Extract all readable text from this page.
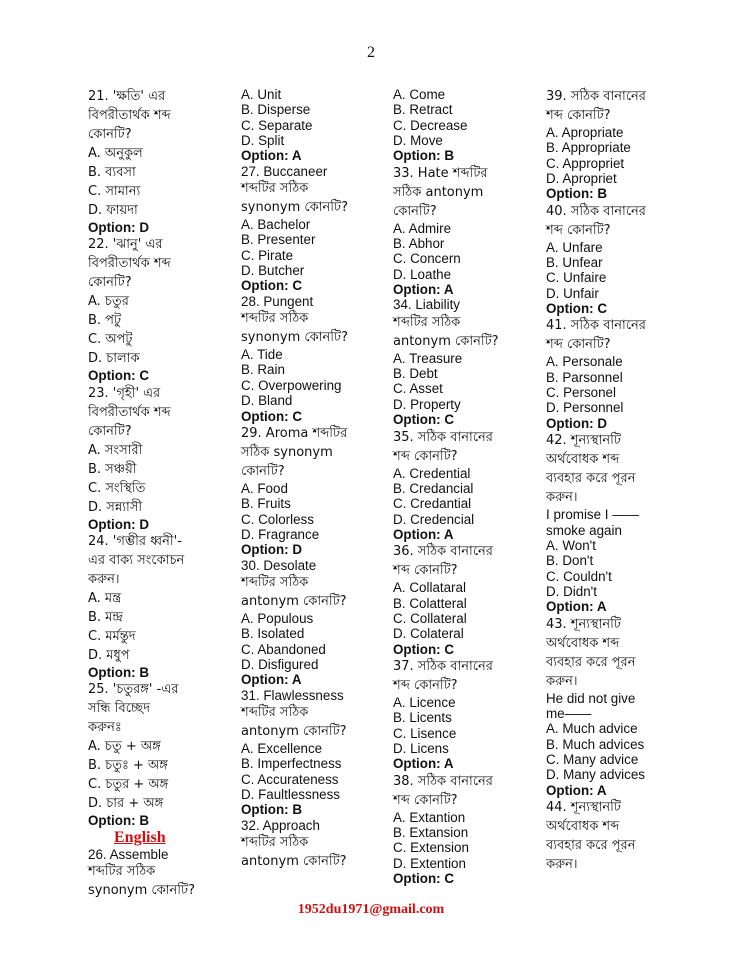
2
21. 'ক্ষতি' এর
বিপরীতার্থক শব্দ
কোনটি?
A. অনুকুল
B. ব্যবসা
C. সামান্য
D. ফায়দা
Option: D
22. 'ঝানু' এর
বিপরীতার্থক শব্দ
কোনটি?
A. চতুর
B. পটু
C. অপটু
D. চালাক
Option: C
23. 'গৃহী' এর
বিপরীতার্থক শব্দ
কোনটি?
A. সংসারী
B. সঞ্চয়ী
C. সংস্থিতি
D. সন্ন্যাসী
Option: D
24. 'গম্ভীর ধ্বনী'-
এর বাক্য সংকোচন
করুন।
A. মন্ত্র
B. মন্দ্র
C. মর্মন্তুদ
D. মধুপ
Option: B
25. 'চতুরঙ্গ' -এর
সন্ধি বিচ্ছেদ
করুনঃ
A. চতু + অঙ্গ
B. চতুঃ + অঙ্গ
C. চতুর + অঙ্গ
D. চার + অঙ্গ
Option: B
English
26. Assemble
শব্দটির সঠিক
synonym কোনটি?
A. Unit
B. Disperse
C. Separate
D. Split
Option: A
27. Buccaneer
শব্দটির সঠিক
synonym কোনটি?
A. Bachelor
B. Presenter
C. Pirate
D. Butcher
Option: C
28. Pungent
শব্দটির সঠিক
synonym কোনটি?
A. Tide
B. Rain
C. Overpowering
D. Bland
Option: C
29. Aroma শব্দটির
সঠিক synonym
কোনটি?
A. Food
B. Fruits
C. Colorless
D. Fragrance
Option: D
30. Desolate
শব্দটির সঠিক
antonym কোনটি?
A. Populous
B. Isolated
C. Abandoned
D. Disfigured
Option: A
31. Flawlessness
শব্দটির সঠিক
antonym কোনটি?
A. Excellence
B. Imperfectness
C. Accurateness
D. Faultlessness
Option: B
32. Approach
শব্দটির সঠিক
antonym কোনটি?
A. Come
B. Retract
C. Decrease
D. Move
Option: B
33. Hate শব্দটির
সঠিক antonym
কোনটি?
A. Admire
B. Abhor
C. Concern
D. Loathe
Option: A
34. Liability
শব্দটির সঠিক
antonym কোনটি?
A. Treasure
B. Debt
C. Asset
D. Property
Option: C
35. সঠিক বানানের
শব্দ কোনটি?
A. Credential
B. Credancial
C. Credantial
D. Credencial
Option: A
36. সঠিক বানানের
শব্দ কোনটি?
A. Collataral
B. Colatteral
C. Collateral
D. Colateral
Option: C
37. সঠিক বানানের
শব্দ কোনটি?
A. Licence
B. Licents
C. Lisence
D. Licens
Option: A
38. সঠিক বানানের
শব্দ কোনটি?
A. Extantion
B. Extansion
C. Extension
D. Extention
Option: C
39. সঠিক বানানের
শব্দ কোনটি?
A. Apropriate
B. Appropriate
C. Appropriet
D. Apropriet
Option: B
40. সঠিক বানানের
শব্দ কোনটি?
A. Unfare
B. Unfear
C. Unfaire
D. Unfair
Option: C
41. সঠিক বানানের
শব্দ কোনটি?
A. Personale
B. Parsonnel
C. Personel
D. Personnel
Option: D
42. শূন্যস্থানটি
অর্থবোধক শব্দ
ব্যবহার করে পূরন
করুন।
I promise I ——
smoke again
A. Won't
B. Don't
C. Couldn't
D. Didn't
Option: A
43. শূন্যস্থানটি
অর্থবোধক শব্দ
ব্যবহার করে পূরন
করুন।
He did not give
me——
A. Much advice
B. Much advices
C. Many advice
D. Many advices
Option: A
44. শূন্যস্থানটি
অর্থবোধক শব্দ
ব্যবহার করে পূরন
করুন।
1952du1971@gmail.com
